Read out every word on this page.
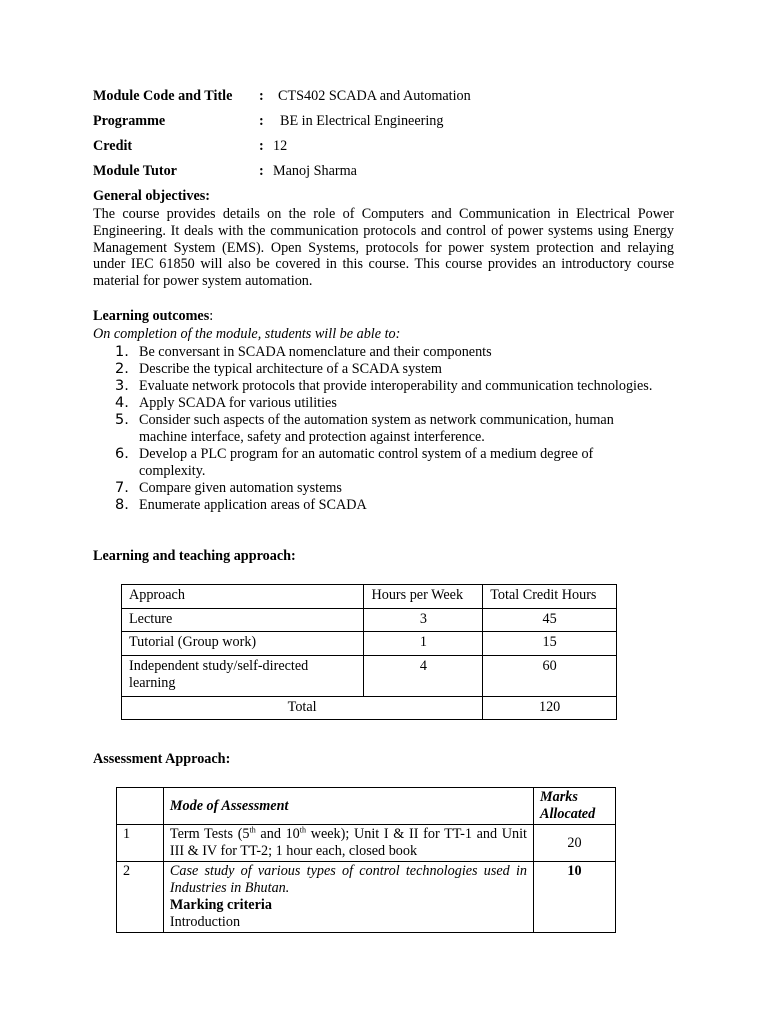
Module Code and Title : CTS402 SCADA and Automation
Programme	: BE in Electrical Engineering
Credit	: 12
Module Tutor	: Manoj Sharma
General objectives:
The course provides details on the role of Computers and Communication in Electrical Power Engineering. It deals with the communication protocols and control of power systems using Energy Management System (EMS). Open Systems, protocols for power system protection and relaying under IEC 61850 will also be covered in this course. This course provides an introductory course material for power system automation.
Learning outcomes:
On completion of the module, students will be able to:
1. Be conversant in SCADA nomenclature and their components
2. Describe the typical architecture of a SCADA system
3. Evaluate network protocols that provide interoperability and communication technologies.
4. Apply SCADA for various utilities
5. Consider such aspects of the automation system as network communication, human machine interface, safety and protection against interference.
6. Develop a PLC program for an automatic control system of a medium degree of complexity.
7. Compare given automation systems
8. Enumerate application areas of SCADA
Learning and teaching approach:
Approach	Hours per Week	Total Credit Hours
Lecture	3	45
Tutorial (Group work)	1	15
Independent study/self-directed learning	4	60
Total		120
Assessment Approach:
	Mode of Assessment	Marks
Allocated
1	Term Tests (5th and 10th week); Unit I & II for TT-1 and Unit III & IV for TT-2; 1 hour each, closed book	20
2	Case study of various types of control technologies used in Industries in Bhutan.
Marking criteria
Introduction	10
